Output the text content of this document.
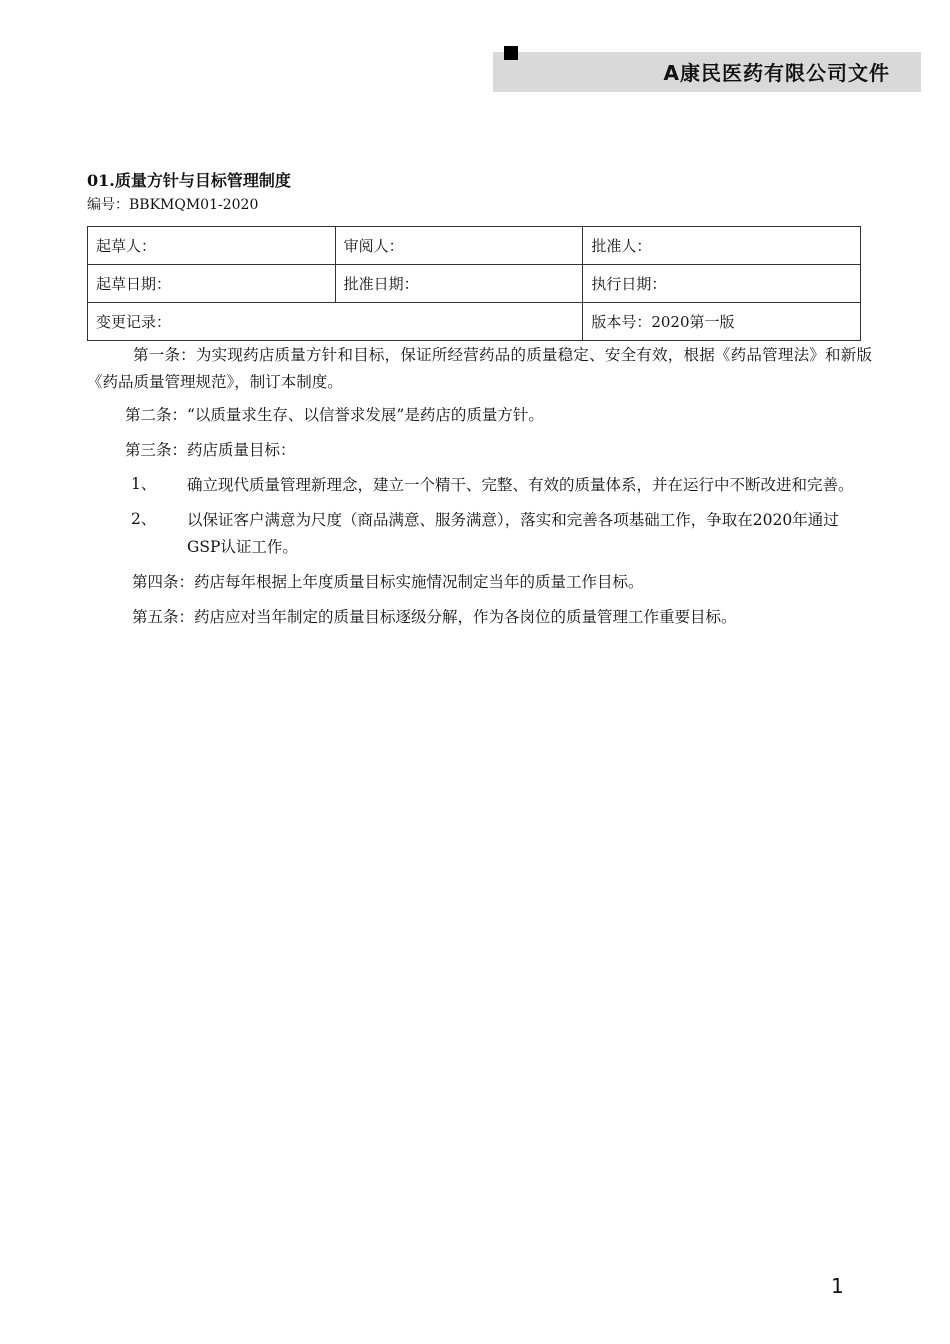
A康民医药有限公司文件
01.质量方针与目标管理制度
编号：BBKMQM01-2020
起草人：	审阅人：	批准人：
起草日期：	批准日期：	执行日期：
变更记录：		版本号：2020第一版

第一条：为实现药店质量方针和目标，保证所经营药品的质量稳定、安全有效，根据《药品管理法》和新版《药品质量管理规范》，制订本制度。

第二条：“以质量求生存、以信誉求发展”是药店的质量方针。

第三条：药店质量目标：

1、	确立现代质量管理新理念，建立一个精干、完整、有效的质量体系，并在运行中不断改进和完善。
2、	以保证客户满意为尺度（商品满意、服务满意），落实和完善各项基础工作，争取在2020年通过GSP认证工作。

第四条：药店每年根据上年度质量目标实施情况制定当年的质量工作目标。

第五条：药店应对当年制定的质量目标逐级分解，作为各岗位的质量管理工作重要目标。

1
